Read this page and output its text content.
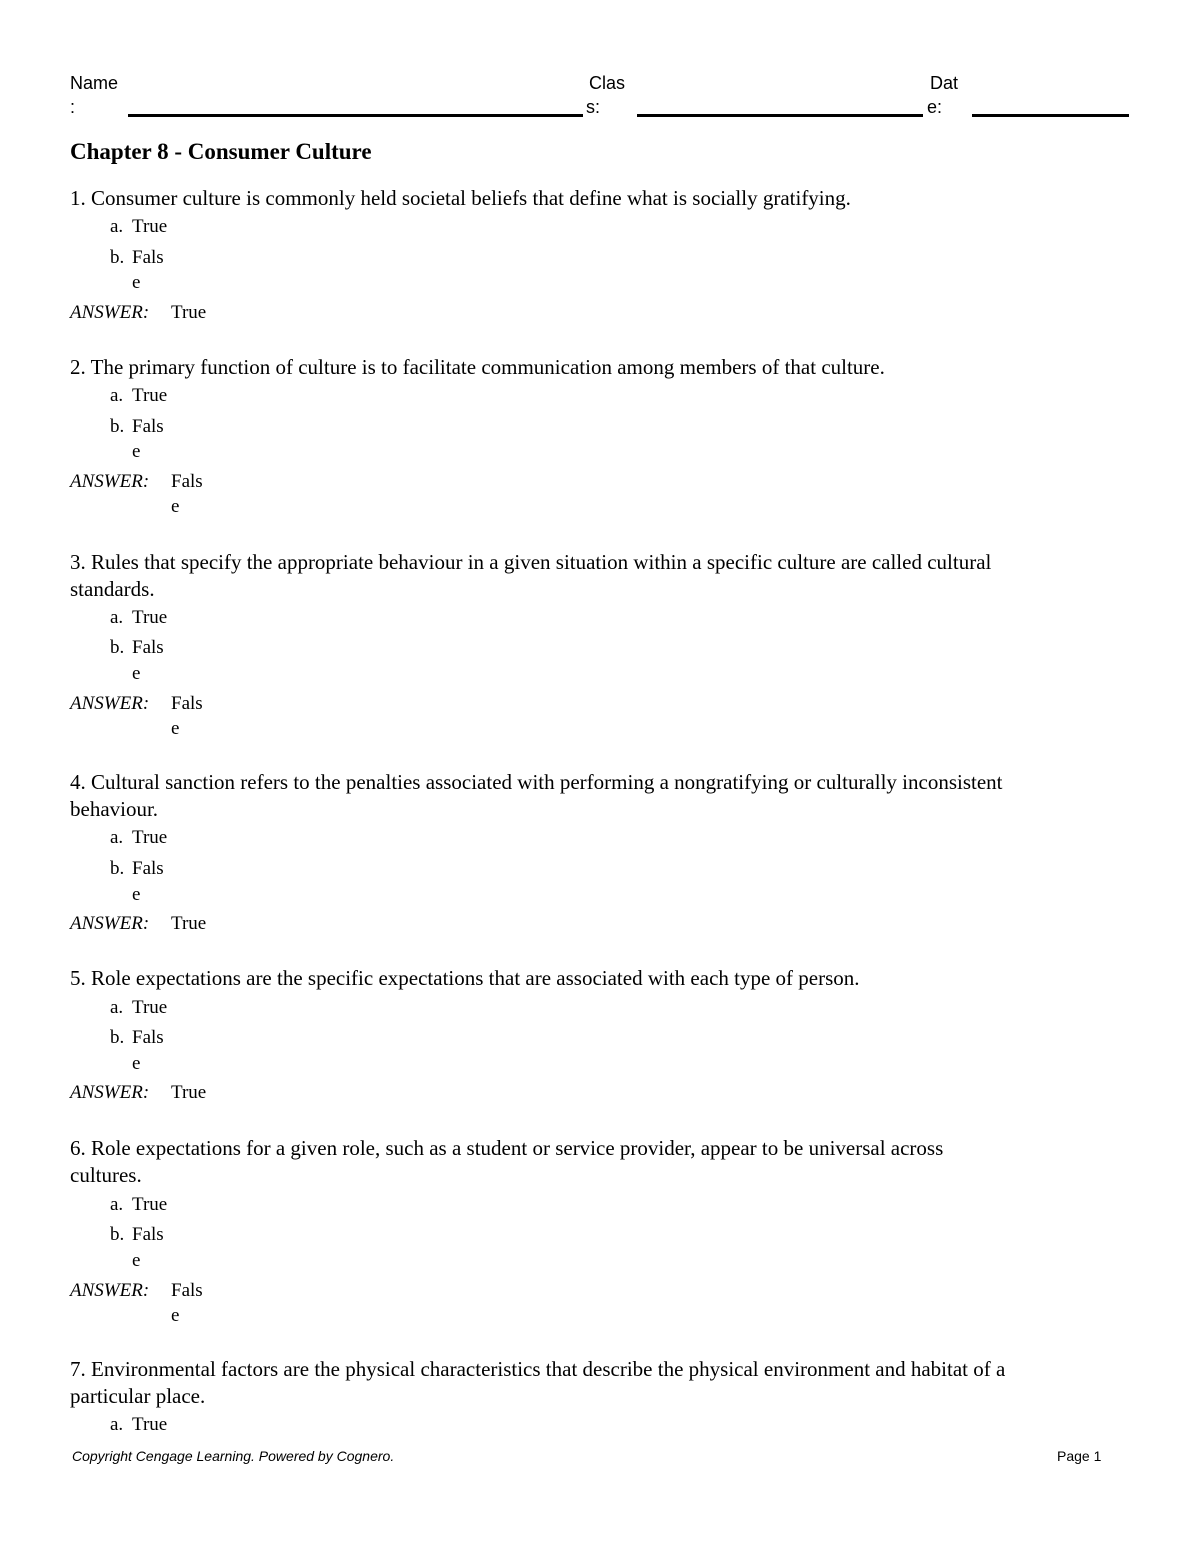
Name
:
Clas
s:
Dat
e:
Chapter 8 - Consumer Culture
1. Consumer culture is commonly held societal beliefs that define what is socially gratifying.
a. True
b. Fals
e
ANSWER: True
2. The primary function of culture is to facilitate communication among members of that culture.
a. True
b. Fals
e
ANSWER: Fals
e
3. Rules that specify the appropriate behaviour in a given situation within a specific culture are called cultural
standards.
a. True
b. Fals
e
ANSWER: Fals
e
4. Cultural sanction refers to the penalties associated with performing a nongratifying or culturally inconsistent
behaviour.
a. True
b. Fals
e
ANSWER: True
5. Role expectations are the specific expectations that are associated with each type of person.
a. True
b. Fals
e
ANSWER: True
6. Role expectations for a given role, such as a student or service provider, appear to be universal across
cultures.
a. True
b. Fals
e
ANSWER: Fals
e
7. Environmental factors are the physical characteristics that describe the physical environment and habitat of a
particular place.
a. True
Copyright Cengage Learning. Powered by Cognero.	Page 1
